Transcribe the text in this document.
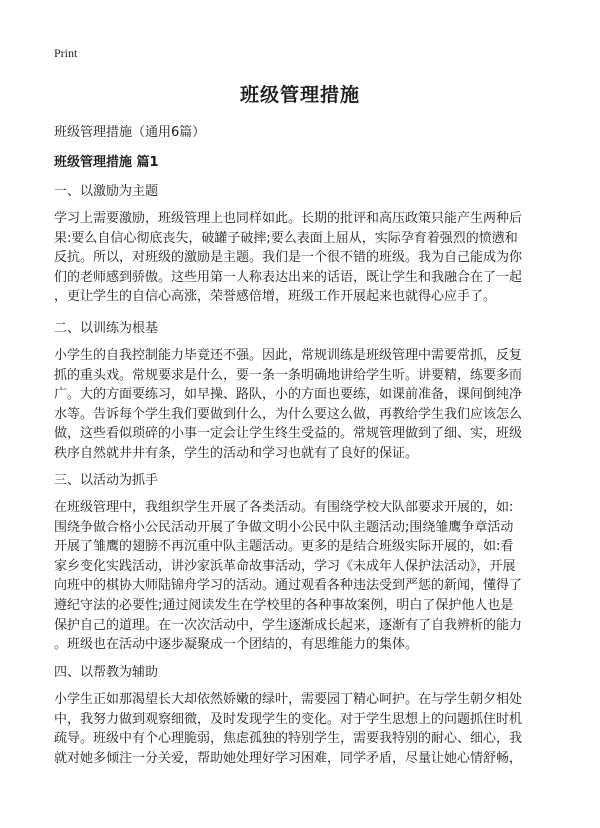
Print
班级管理措施

班级管理措施（通用6篇）

班级管理措施 篇1

一、以激励为主题

学习上需要激励，班级管理上也同样如此。长期的批评和高压政策只能产生两种后
果:要么自信心彻底丧失，破罐子破摔;要么表面上屈从，实际孕育着强烈的愤懑和
反抗。所以，对班级的激励是主题。我们是一个很不错的班级。我为自己能成为你
们的老师感到骄傲。这些用第一人称表达出来的话语，既让学生和我融合在了一起
，更让学生的自信心高涨，荣誉感倍增，班级工作开展起来也就得心应手了。

二、以训练为根基

小学生的自我控制能力毕竟还不强。因此，常规训练是班级管理中需要常抓，反复
抓的重头戏。常规要求是什么，要一条一条明确地讲给学生听。讲要精，练要多而
广。大的方面要练习，如早操、路队，小的方面也要练，如课前准备，课间倒纯净
水等。告诉每个学生我们要做到什么，为什么要这么做，再教给学生我们应该怎么
做，这些看似琐碎的小事一定会让学生终生受益的。常规管理做到了细、实，班级
秩序自然就井井有条，学生的活动和学习也就有了良好的保证。

三、以活动为抓手

在班级管理中，我组织学生开展了各类活动。有围绕学校大队部要求开展的，如:
围绕争做合格小公民活动开展了争做文明小公民中队主题活动;围绕雏鹰争章活动
开展了雏鹰的翅膀不再沉重中队主题活动。更多的是结合班级实际开展的，如:看
家乡变化实践活动，讲沙家浜革命故事活动，学习《未成年人保护法活动》，开展
向班中的棋协大师陆锦舟学习的活动。通过观看各种违法受到严惩的新闻，懂得了
遵纪守法的必要性;通过阅读发生在学校里的各种事故案例，明白了保护他人也是
保护自己的道理。在一次次活动中，学生逐渐成长起来，逐渐有了自我辨析的能力
。班级也在活动中逐步凝聚成一个团结的，有思维能力的集体。

四、以帮教为辅助

小学生正如那渴望长大却依然娇嫩的绿叶，需要园丁精心呵护。在与学生朝夕相处
中，我努力做到观察细微，及时发现学生的变化。对于学生思想上的问题抓住时机
疏导。班级中有个心理脆弱，焦虑孤独的特别学生，需要我特别的耐心、细心，我
就对她多倾注一分关爱，帮助她处理好学习困难，同学矛盾，尽量让她心情舒畅，
